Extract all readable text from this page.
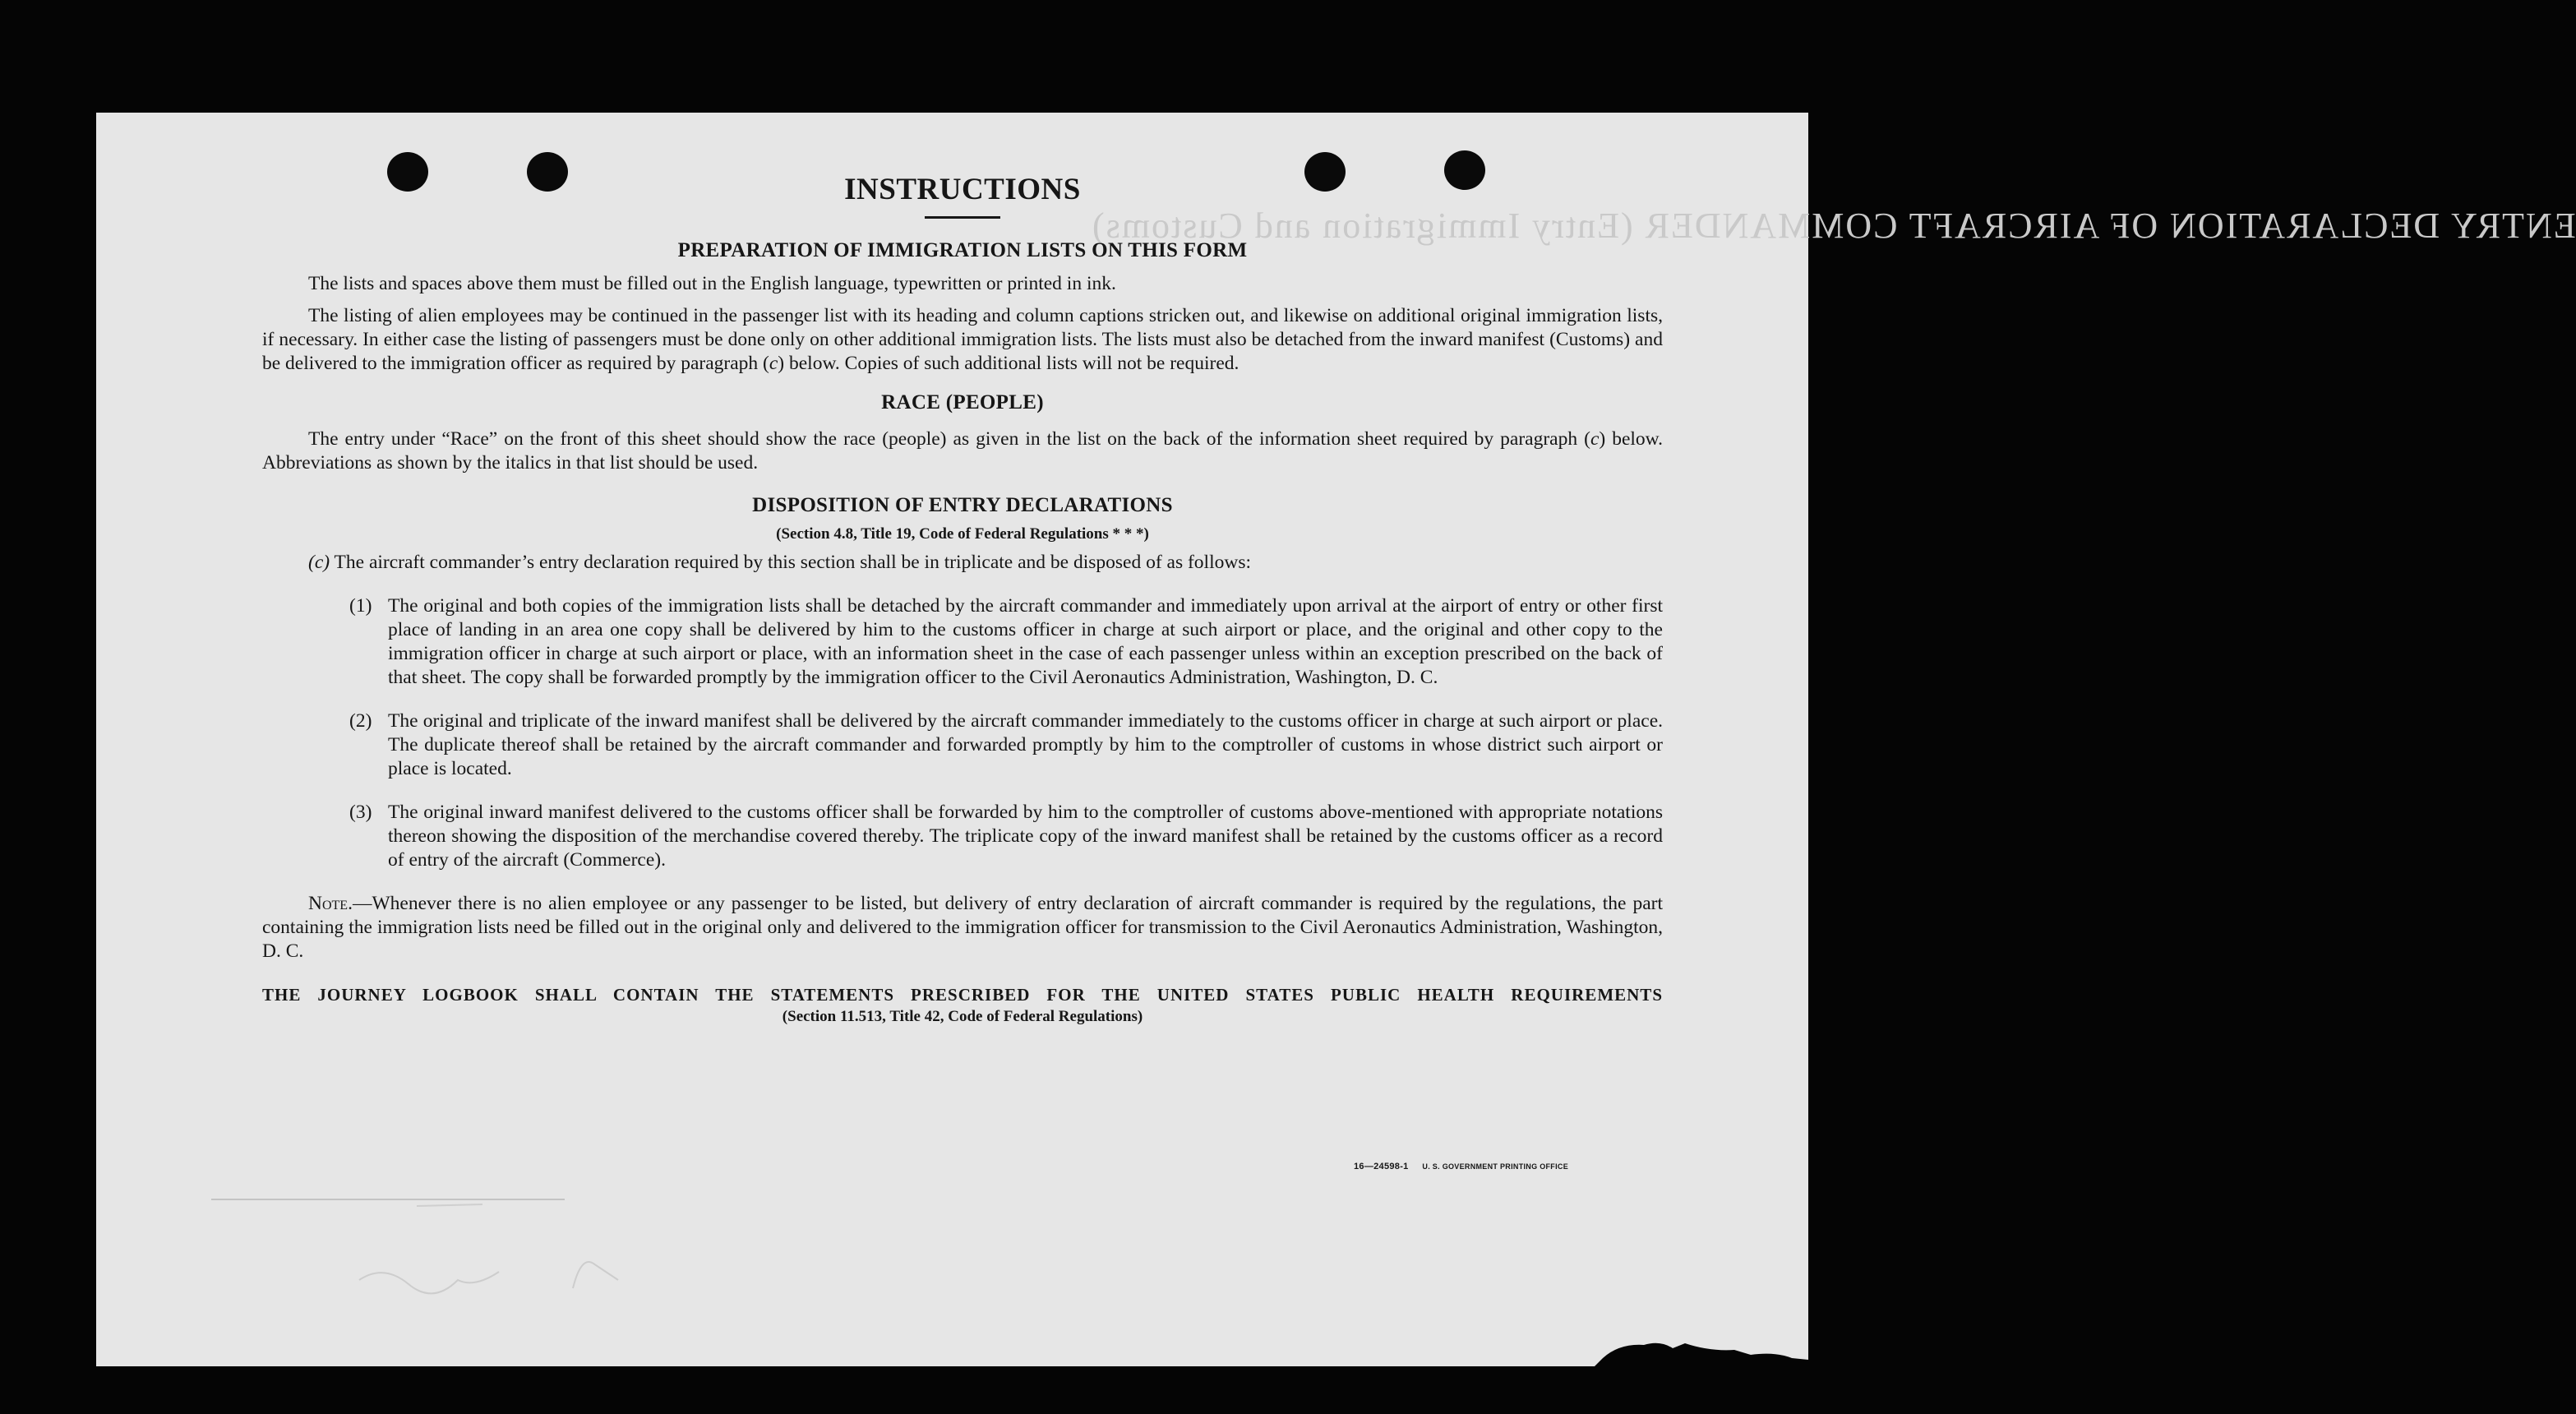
ENTRY DECLARATION OF AIRCRAFT COMMANDER (Entry Immigration and Customs)
INSTRUCTIONS
PREPARATION OF IMMIGRATION LISTS ON THIS FORM

The lists and spaces above them must be filled out in the English language, typewritten or printed in ink.

The listing of alien employees may be continued in the passenger list with its heading and column captions stricken out, and likewise on additional original immigration lists, if necessary. In either case the listing of passengers must be done only on other additional immigration lists. The lists must also be detached from the inward manifest (Customs) and be delivered to the immigration officer as required by paragraph (c) below. Copies of such additional lists will not be required.

RACE (PEOPLE)

The entry under “Race” on the front of this sheet should show the race (people) as given in the list on the back of the information sheet required by paragraph (c) below. Abbreviations as shown by the italics in that list should be used.

DISPOSITION OF ENTRY DECLARATIONS
(Section 4.8, Title 19, Code of Federal Regulations * * *)

(c) The aircraft commander’s entry declaration required by this section shall be in triplicate and be disposed of as follows:

(1) The original and both copies of the immigration lists shall be detached by the aircraft commander and immediately upon arrival at the airport of entry or other first place of landing in an area one copy shall be delivered by him to the customs officer in charge at such airport or place, and the original and other copy to the immigration officer in charge at such airport or place, with an information sheet in the case of each passenger unless within an exception prescribed on the back of that sheet. The copy shall be forwarded promptly by the immigration officer to the Civil Aeronautics Administration, Washington, D. C.
(2) The original and triplicate of the inward manifest shall be delivered by the aircraft commander immediately to the customs officer in charge at such airport or place. The duplicate thereof shall be retained by the aircraft commander and forwarded promptly by him to the comptroller of customs in whose district such airport or place is located.
(3) The original inward manifest delivered to the customs officer shall be forwarded by him to the comptroller of customs above-mentioned with appropriate notations thereon showing the disposition of the merchandise covered thereby. The triplicate copy of the inward manifest shall be retained by the customs officer as a record of entry of the aircraft (Commerce).

Note.—Whenever there is no alien employee or any passenger to be listed, but delivery of entry declaration of aircraft commander is required by the regulations, the part containing the immigration lists need be filled out in the original only and delivered to the immigration officer for transmission to the Civil Aeronautics Administration, Washington, D. C.

THE JOURNEY LOGBOOK SHALL CONTAIN THE STATEMENTS PRESCRIBED FOR THE UNITED STATES PUBLIC HEALTH REQUIREMENTS
(Section 11.513, Title 42, Code of Federal Regulations)
16—24598-1 U. S. GOVERNMENT PRINTING OFFICE
